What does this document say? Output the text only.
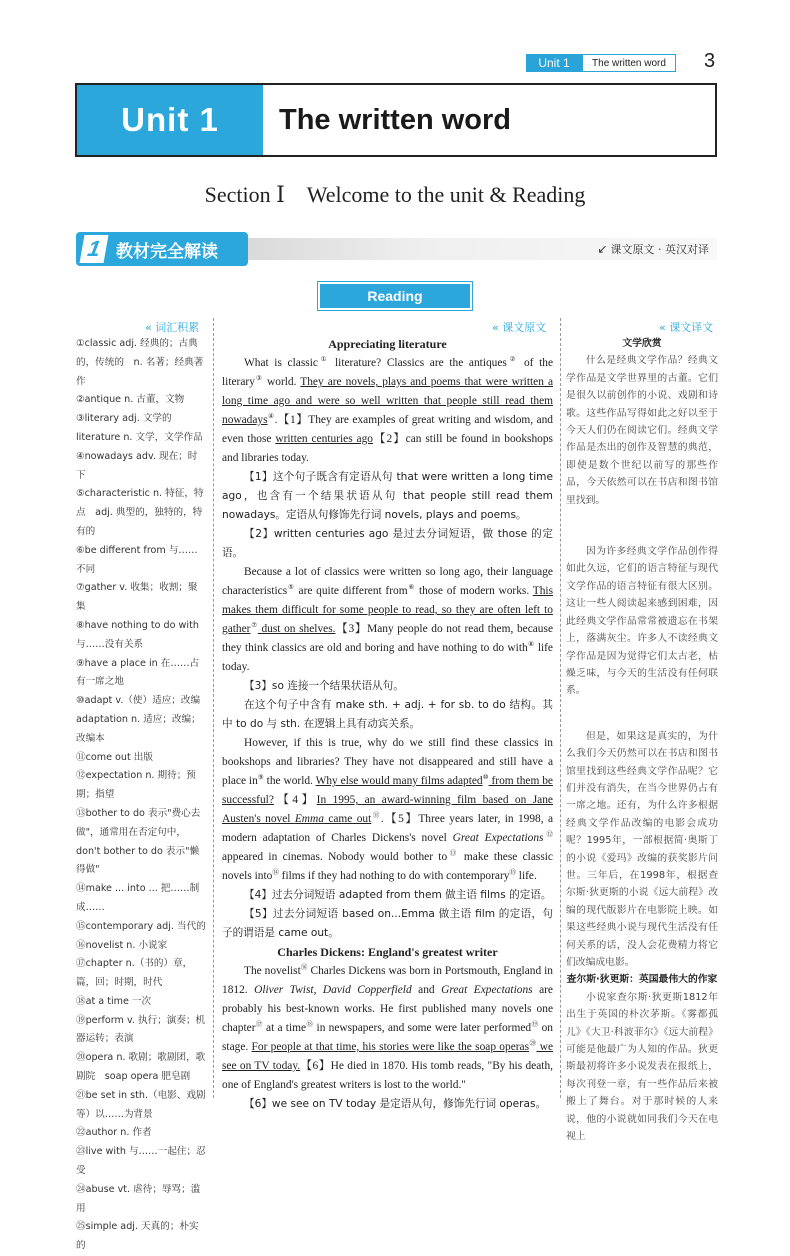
Unit 1	The written word	3
Unit 1	The written word
Section Ⅰ　Welcome to the unit & Reading
1 教材完全解读	↙ 课文原文 · 英汉对译
Reading
« 词汇积累	« 课文原文	« 课文译文

①classic adj. 经典的；古典的，传统的　n. 名著；经典著作

②antique n. 古董，文物

③literary adj. 文学的　literature n. 文学，文学作品

④nowadays adv. 现在；时下

⑤characteristic n. 特征，特点　adj. 典型的，独特的，特有的

⑥be different from 与……不同

⑦gather v. 收集；收割；聚集

⑧have nothing to do with 与……没有关系

⑨have a place in 在……占有一席之地

⑩adapt v.（使）适应；改编　adaptation n. 适应；改编；改编本

⑪come out 出版

⑫expectation n. 期待；预期；指望

⑬bother to do 表示"费心去做"，通常用在否定句中，don't bother to do 表示"懒得做"

⑭make ... into ... 把……制成……

⑮contemporary adj. 当代的

⑯novelist n. 小说家

⑰chapter n.（书的）章，篇，回；时期，时代

⑱at a time 一次

⑲perform v. 执行；演奏；机器运转；表演

⑳opera n. 歌剧；歌剧团，歌剧院　soap opera 肥皂剧

㉑be set in sth.（电影、戏剧等）以……为背景

㉒author n. 作者

㉓live with 与……一起住；忍受

㉔abuse vt. 虐待；辱骂；滥用

㉕simple adj. 天真的；朴实的

Appreciating literature

What is classic① literature? Classics are the antiques② of the literary③ world. They are novels, plays and poems that were written a long time ago and were so well written that people still read them nowadays④.【1】They are examples of great writing and wisdom, and even those written centuries ago【2】can still be found in bookshops and libraries today.

【1】这个句子既含有定语从句 that were written a long time ago，也含有一个结果状语从句 that people still read them nowadays。定语从句修饰先行词 novels, plays and poems。

【2】written centuries ago 是过去分词短语，做 those 的定语。

Because a lot of classics were written so long ago, their language characteristics⑤ are quite different from⑥ those of modern works. This makes them difficult for some people to read, so they are often left to gather⑦ dust on shelves.【3】Many people do not read them, because they think classics are old and boring and have nothing to do with⑧ life today.

【3】so 连接一个结果状语从句。

在这个句子中含有 make sth. + adj. + for sb. to do 结构。其中 to do 与 sth. 在逻辑上具有动宾关系。

However, if this is true, why do we still find these classics in bookshops and libraries? They have not disappeared and still have a place in⑨ the world. Why else would many films adapted⑩ from them be successful?【4】In 1995, an award-winning film based on Jane Austen's novel Emma came out⑪.【5】Three years later, in 1998, a modern adaptation of Charles Dickens's novel Great Expectations⑫ appeared in cinemas. Nobody would bother to⑬ make these classic novels into⑭ films if they had nothing to do with contemporary⑮ life.

【4】过去分词短语 adapted from them 做主语 films 的定语。

【5】过去分词短语 based on...Emma 做主语 film 的定语，句子的谓语是 came out。

Charles Dickens: England's greatest writer

The novelist⑯ Charles Dickens was born in Portsmouth, England in 1812. Oliver Twist, David Copperfield and Great Expectations are probably his best-known works. He first published many novels one chapter⑰ at a time⑱ in newspapers, and some were later performed⑲ on stage. For people at that time, his stories were like the soap operas⑳ we see on TV today.【6】He died in 1870. His tomb reads, "By his death, one of England's greatest writers is lost to the world."

【6】we see on TV today 是定语从句，修饰先行词 operas。

文学欣赏

什么是经典文学作品？经典文学作品是文学世界里的古董。它们是很久以前创作的小说、戏剧和诗歌。这些作品写得如此之好以至于今天人们仍在阅读它们。经典文学作品是杰出的创作及智慧的典范，即使是数个世纪以前写的那些作品，今天依然可以在书店和图书馆里找到。

因为许多经典文学作品创作得如此久远，它们的语言特征与现代文学作品的语言特征有很大区别。这让一些人阅读起来感到困难，因此经典文学作品常常被遗忘在书架上，落满灰尘。许多人不读经典文学作品是因为觉得它们太古老，枯燥乏味，与今天的生活没有任何联系。

但是，如果这是真实的，为什么我们今天仍然可以在书店和图书馆里找到这些经典文学作品呢？它们并没有消失，在当今世界仍占有一席之地。还有，为什么许多根据经典文学作品改编的电影会成功呢？1995年，一部根据简·奥斯丁的小说《爱玛》改编的获奖影片问世。三年后，在1998年，根据查尔斯·狄更斯的小说《远大前程》改编的现代版影片在电影院上映。如果这些经典小说与现代生活没有任何关系的话，没人会花费精力将它们改编成电影。

查尔斯·狄更斯：英国最伟大的作家

小说家查尔斯·狄更斯1812年出生于英国的朴次茅斯。《雾都孤儿》《大卫·科波菲尔》《远大前程》可能是他最广为人知的作品。狄更斯最初将许多小说发表在报纸上，每次刊登一章，有一些作品后来被搬上了舞台。对于那时候的人来说，他的小说就如同我们今天在电视上
